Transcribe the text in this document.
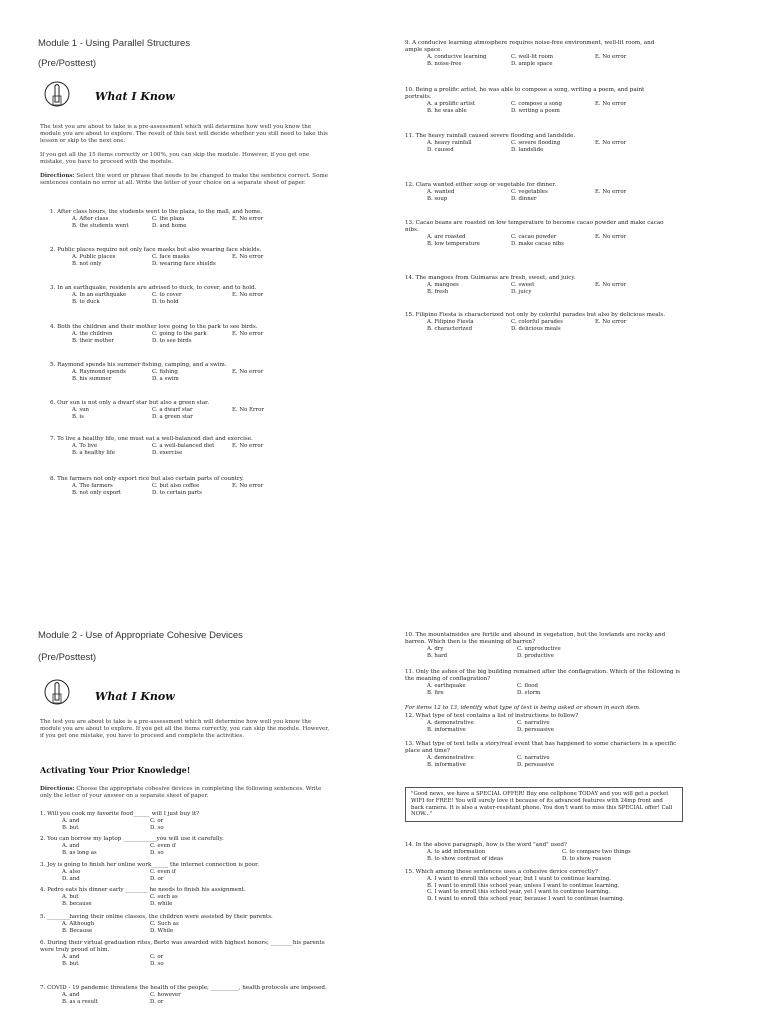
Module 1 - Using Parallel Structures
(Pre/Posttest)
What I Know
The test you are about to take is a pre-assessment which will determine how well you know the module you are about to explore. The result of this test will decide whether you still need to take this lesson or skip to the next one.
If you get all the 15 items correctly or 100%, you can skip the module. However, if you get one mistake, you have to proceed with the module.
Directions: Select the word or phrase that needs to be changed to make the sentence correct. Some sentences contain no error at all. Write the letter of your choice on a separate sheet of paper.
1. After class hours, the students went to the plaza, to the mall, and home.
A. After class	C. the plaza	E. No error
B. the students went	D. and home
2. Public places require not only face masks but also wearing face shields.
A. Public places	C. face masks	E. No error
B. not only	D. wearing face shields
3. In an earthquake, residents are advised to duck, to cover, and to hold.
A. In an earthquake	C. to cover	E. No error
B. to duck	D. to hold
4. Both the children and their mother love going to the park to see birds.
A. the children	C. going to the park	E. No error
B. their mother	D. to see birds
5. Raymond spends his summer fishing, camping, and a swim.
A. Raymond spends	C. fishing	E. No error
B. his summer	D. a swim
6. Our sun is not only a dwarf star but also a green star.
A. sun	C. a dwarf star	E. No Error
B. is	D. a green star
7. To live a healthy life, one must eat a well-balanced diet and exercise.
A. To live	C. a well-balanced diet	E. No error
B. a healthy life	D. exercise
8. The farmers not only export rice but also certain parts of country.
A. The farmers	C. but also coffee	E. No error
B. not only export	D. to certain parts
9. A conducive learning atmosphere requires noise-free environment, well-lit room, and ample space.
A. conducive learning	C. well-lit room	E. No error
B. noise-free	D. ample space
10. Being a prolific artist, he was able to compose a song, writing a poem, and paint portraits.
A. a prolific artist	C. compose a song	E. No error
B. he was able	D. writing a poem
11. The heavy rainfall caused severe flooding and landslide.
A. heavy rainfall	C. severe flooding	E. No error
D. caused	D. landslide
12. Clara wanted either soup or vegetable for dinner.
A. wanted	C. vegetables	E. No error
B. soup	D. dinner
13. Cacao beans are roasted on low temperature to become cacao powder and make cacao nibs.
A. are roasted	C. cacao powder	E. No error
B. low temperature	D. make cacao nibs
14. The mangoes from Guimaras are fresh, sweet, and juicy.
A. mangoes	C. sweet	E. No error
B. fresh	D. juicy
15. Filipino Fiesta is characterized not only by colorful parades but also by delicious meals.
A. Filipino Fiesta	C. colorful parades	E. No error
B. characterized	D. delicious meals
Module 2 - Use of Appropriate Cohesive Devices
(Pre/Posttest)
What I Know
The test you are about to take is a pre-assessment which will determine how well you know the module you are about to explore. If you get all the items correctly, you can skip the module. However, if you get one mistake, you have to proceed and complete the activities.
Activating Your Prior Knowledge!
Directions: Choose the appropriate cohesive devices in completing the following sentences. Write only the letter of your answer on a separate sheet of paper.
1. Will you cook my favorite food______ will I just buy it?
A. and	C. or
B. but	D. so
2. You can borrow my laptop ____________you will use it carefully.
A. and	C. even if
B. as long as	D. so
3. Joy is going to finish her online work______ the internet connection is poor.
A. also	C. even if
D. and	D. or
4. Pedro eats his dinner early ________ he needs to finish his assignment.
A. but	C. such as
B. because	D. while
5. ________having their online classes, the children were assisted by their parents.
A. Although	C. Such as
B. Because	D. While
6. During their virtual graduation rites, Berto was awarded with highest honors; ________his parents were truly proud of him.
A. and	C. or
B. but	D. so
7. COVID - 19 pandemic threatens the health of the people; __________, health protocols are imposed.
A. and	C. however
B. as a result	D. or
10. The mountainsides are fertile and abound in vegetation, but the lowlands are rocky and barren. Which then is the meaning of barren?
A. dry	C. unproductive
B. hard	D. productive
11. Only the ashes of the big building remained after the conflagration. Which of the following is the meaning of conflagration?
A. earthquake	C. flood
B. fire	D. storm
For items 12 to 13, identify what type of text is being asked or shown in each item.
12. What type of text contains a list of instructions to follow?
A. demonstrative	C. narrative
B. informative	D. persuasive
13. What type of text tells a story/real event that has happened to some characters in a specific place and time?
A. demonstrative	C. narrative
B. informative	D. persuasive
"Good news, we have a SPECIAL OFFER! Buy one cellphone TODAY and you will get a pocket WIFI for FREE! You will surely love it because of its advanced features with 24mp front and back camera. It is also a water-resistant phone. You don't want to miss this SPECIAL offer! Call NOW..."
14. In the above paragraph, how is the word "and" used?
A. to add information	C. to compare two things
B. to show contrast of ideas	D. to show reason
15. Which among these sentences uses a cohesive device correctly?
A. I want to enroll this school year, but I want to continue learning.
B. I want to enroll this school year, unless I want to continue learning.
C. I want to enroll this school year, yet I want to continue learning.
D. I want to enroll this school year, because I want to continue learning.
